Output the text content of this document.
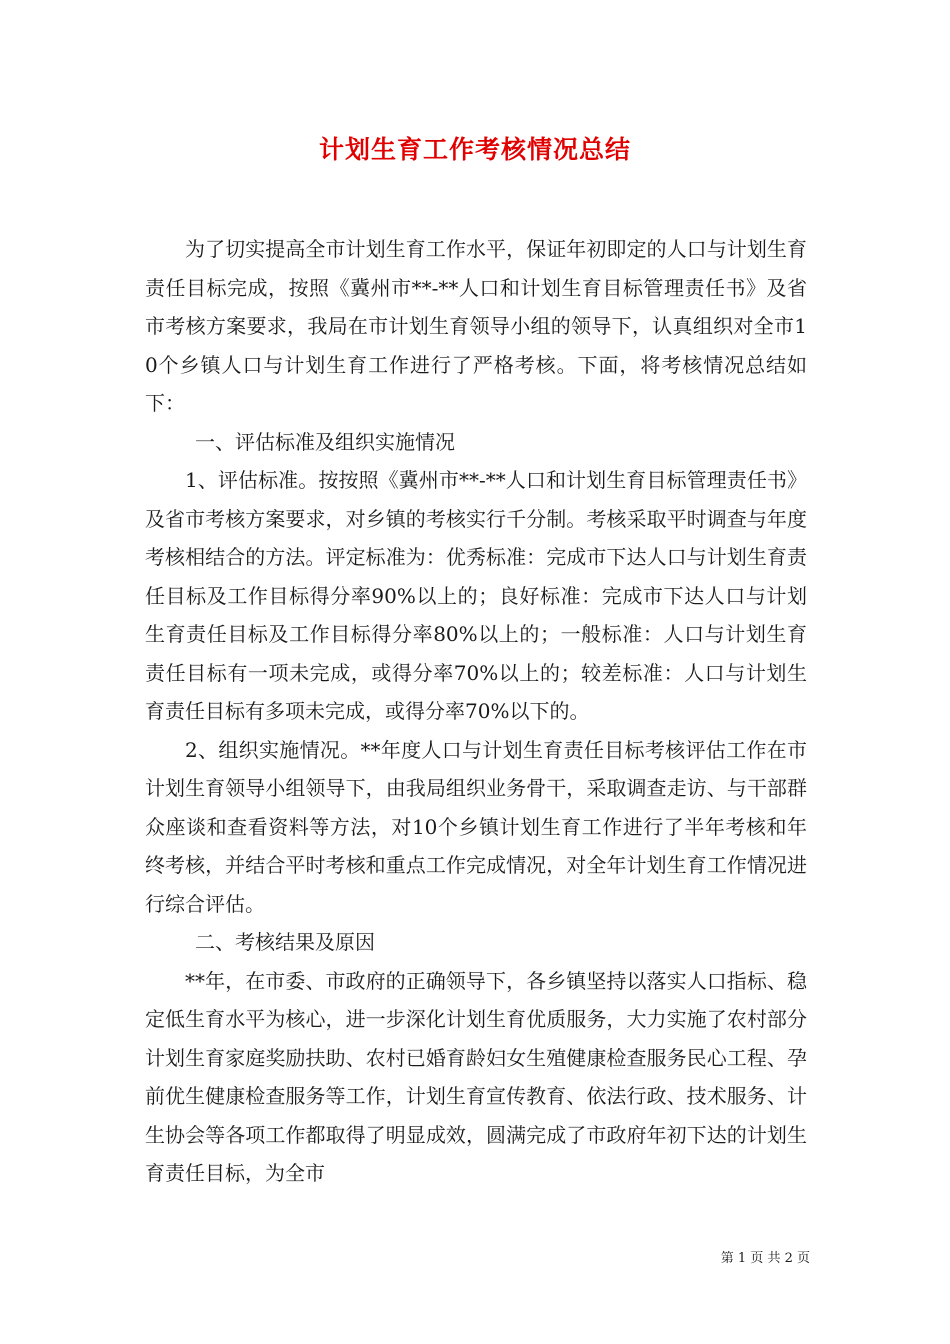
计划生育工作考核情况总结

为了切实提高全市计划生育工作水平，保证年初即定的人口与计划生育责任目标完成，按照《冀州市**-**人口和计划生育目标管理责任书》及省市考核方案要求，我局在市计划生育领导小组的领导下，认真组织对全市10个乡镇人口与计划生育工作进行了严格考核。下面，将考核情况总结如下：

一、评估标准及组织实施情况

1、评估标准。按按照《冀州市**-**人口和计划生育目标管理责任书》及省市考核方案要求，对乡镇的考核实行千分制。考核采取平时调查与年度考核相结合的方法。评定标准为：优秀标准：完成市下达人口与计划生育责任目标及工作目标得分率90%以上的；良好标准：完成市下达人口与计划生育责任目标及工作目标得分率80%以上的；一般标准：人口与计划生育责任目标有一项未完成，或得分率70%以上的；较差标准：人口与计划生育责任目标有多项未完成，或得分率70%以下的。

2、组织实施情况。**年度人口与计划生育责任目标考核评估工作在市计划生育领导小组领导下，由我局组织业务骨干，采取调查走访、与干部群众座谈和查看资料等方法，对10个乡镇计划生育工作进行了半年考核和年终考核，并结合平时考核和重点工作完成情况，对全年计划生育工作情况进行综合评估。

二、考核结果及原因

**年，在市委、市政府的正确领导下，各乡镇坚持以落实人口指标、稳定低生育水平为核心，进一步深化计划生育优质服务，大力实施了农村部分计划生育家庭奖励扶助、农村已婚育龄妇女生殖健康检查服务民心工程、孕前优生健康检查服务等工作，计划生育宣传教育、依法行政、技术服务、计生协会等各项工作都取得了明显成效，圆满完成了市政府年初下达的计划生育责任目标，为全市

第 1 页 共 2 页
